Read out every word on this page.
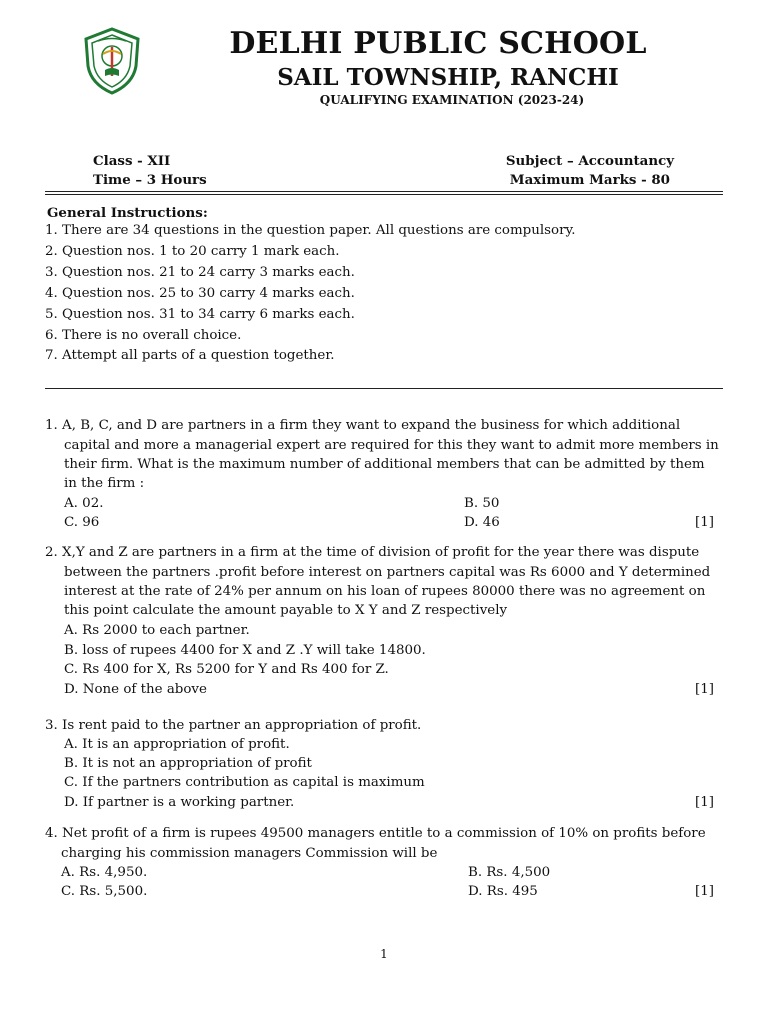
DELHI PUBLIC SCHOOL
SAIL TOWNSHIP, RANCHI
QUALIFYING EXAMINATION (2023-24)
Class - XII
Time – 3 Hours
Subject – Accountancy
Maximum Marks - 80
General Instructions:
1. There are 34 questions in the question paper. All questions are compulsory.
2. Question nos. 1 to 20 carry 1 mark each.
3. Question nos. 21 to 24 carry 3 marks each.
4. Question nos. 25 to 30 carry 4 marks each.
5. Question nos. 31 to 34 carry 6 marks each.
6. There is no overall choice.
7. Attempt all parts of a question together.
1. A, B, C, and D are partners in a firm they want to expand the business for which additional
capital and more a managerial expert are required for this they want to admit more members in
their firm. What is the maximum number of additional members that can be admitted by them
in the firm :
A. 02.	B. 50
C. 96	D. 46	[1]
2. X,Y and Z are partners in a firm at the time of division of profit for the year there was dispute
between the partners .profit before interest on partners capital was Rs 6000 and Y determined
interest at the rate of 24% per annum on his loan of rupees 80000 there was no agreement on
this point calculate the amount payable to X Y and Z respectively
A. Rs 2000 to each partner.
B. loss of rupees 4400 for X and Z .Y will take 14800.
C. Rs 400 for X, Rs 5200 for Y and Rs 400 for Z.
D. None of the above	[1]
3. Is rent paid to the partner an appropriation of profit.
A. It is an appropriation of profit.
B. It is not an appropriation of profit
C. If the partners contribution as capital is maximum
D. If partner is a working partner.	[1]
4. Net profit of a firm is rupees 49500 managers entitle to a commission of 10% on profits before
charging his commission managers Commission will be
A. Rs. 4,950.	B. Rs. 4,500
C. Rs. 5,500.	D. Rs. 495	[1]
1
